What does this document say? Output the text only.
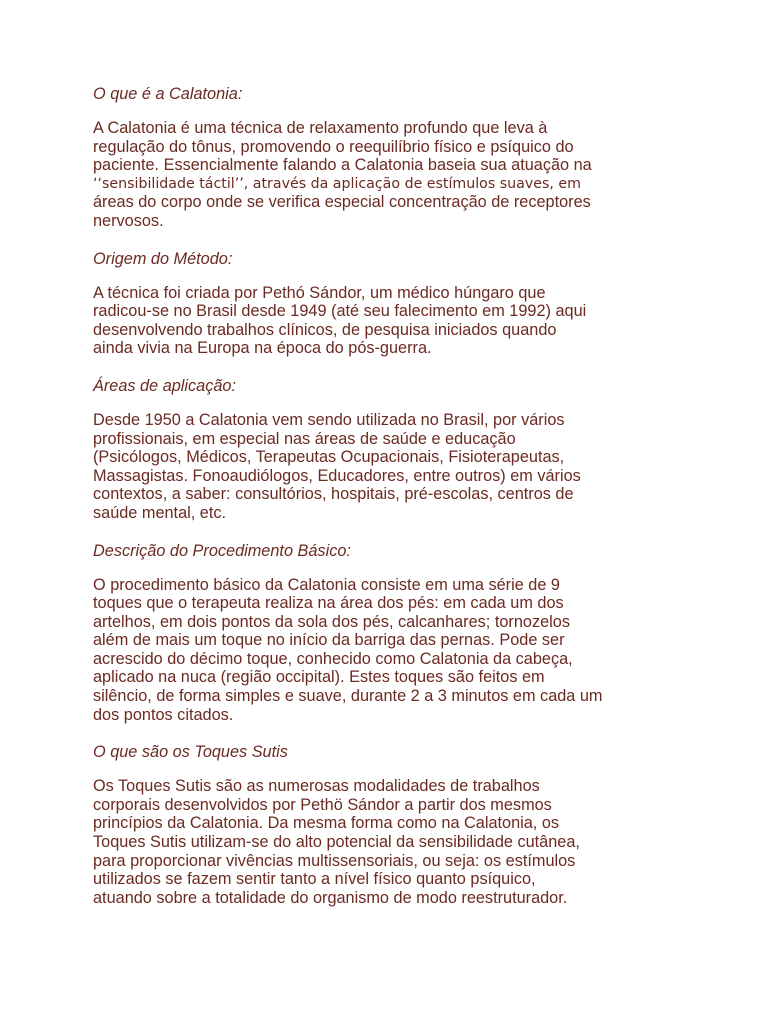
O que é a Calatonia:
A Calatonia é uma técnica de relaxamento profundo que leva à
regulação do tônus, promovendo o reequilíbrio físico e psíquico do
paciente. Essencialmente falando a Calatonia baseia sua atuação na
‘‘sensibilidade táctil’’, através da aplicação de estímulos suaves, em
áreas do corpo onde se verifica especial concentração de receptores
nervosos.
Origem do Método:
A técnica foi criada por Pethó Sándor, um médico húngaro que
radicou-se no Brasil desde 1949 (até seu falecimento em 1992) aqui
desenvolvendo trabalhos clínicos, de pesquisa iniciados quando
ainda vivia na Europa na época do pós-guerra.
Áreas de aplicação:
Desde 1950 a Calatonia vem sendo utilizada no Brasil, por vários
profissionais, em especial nas áreas de saúde e educação
(Psicólogos, Médicos, Terapeutas Ocupacionais, Fisioterapeutas,
Massagistas. Fonoaudiólogos, Educadores, entre outros) em vários
contextos, a saber: consultórios, hospitais, pré-escolas, centros de
saúde mental, etc.
Descrição do Procedimento Básico:
O procedimento básico da Calatonia consiste em uma série de 9
toques que o terapeuta realiza na área dos pés: em cada um dos
artelhos, em dois pontos da sola dos pés, calcanhares; tornozelos
além de mais um toque no início da barriga das pernas. Pode ser
acrescido do décimo toque, conhecido como Calatonia da cabeça,
aplicado na nuca (região occipital). Estes toques são feitos em
silêncio, de forma simples e suave, durante 2 a 3 minutos em cada um
dos pontos citados.
O que são os Toques Sutis
Os Toques Sutis são as numerosas modalidades de trabalhos
corporais desenvolvidos por Pethö Sándor a partir dos mesmos
princípios da Calatonia. Da mesma forma como na Calatonia, os
Toques Sutis utilizam-se do alto potencial da sensibilidade cutânea,
para proporcionar vivências multissensoriais, ou seja: os estímulos
utilizados se fazem sentir tanto a nível físico quanto psíquico,
atuando sobre a totalidade do organismo de modo reestruturador.
